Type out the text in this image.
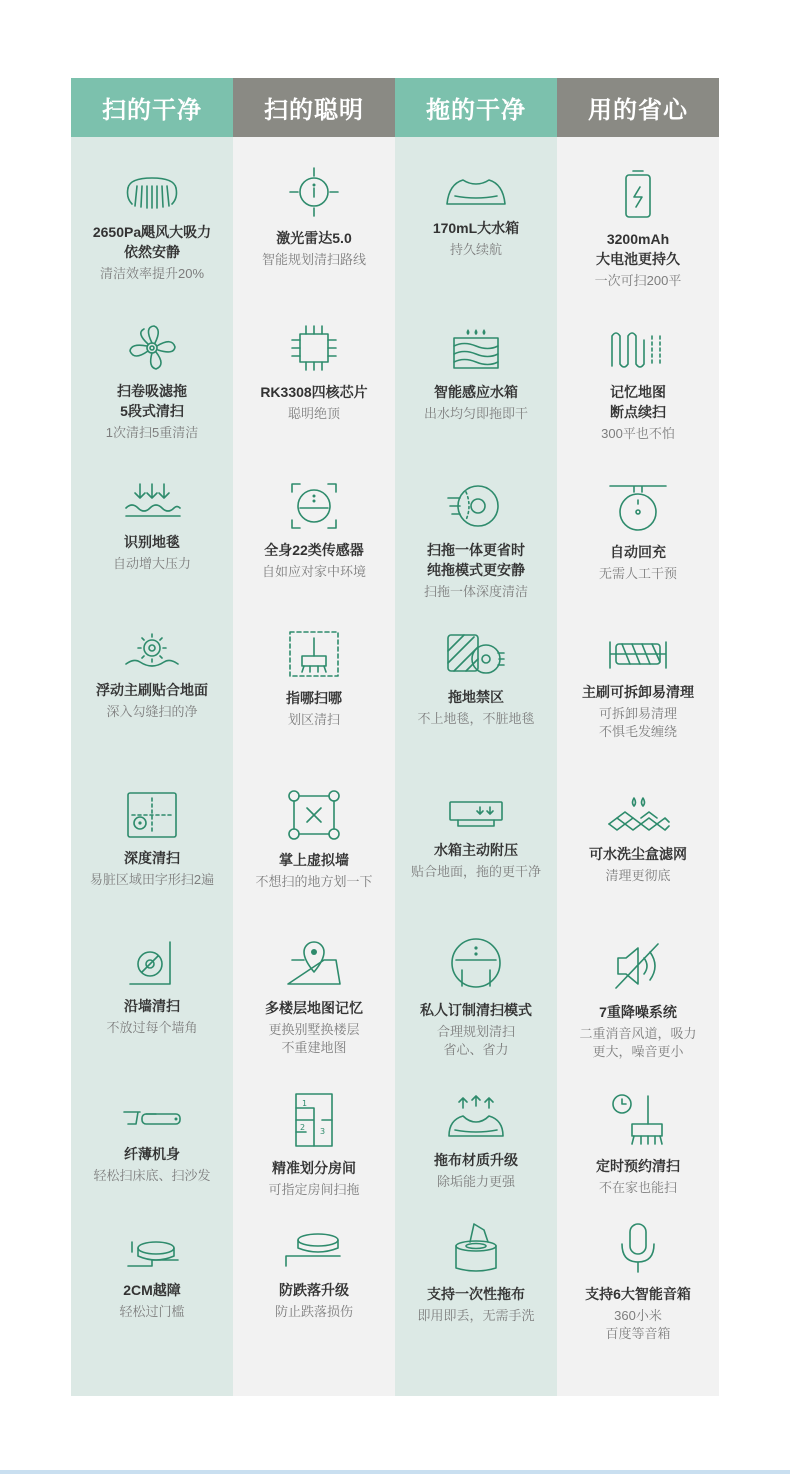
扫的干净
2650Pa飓风大吸力
依然安静
清洁效率提升20%
扫卷吸滤拖
5段式清扫
1次清扫5重清洁
识别地毯
自动增大压力
浮动主刷贴合地面
深入勾缝扫的净
深度清扫
易脏区域田字形扫2遍
沿墙清扫
不放过每个墙角
纤薄机身
轻松扫床底、扫沙发
2CM越障
轻松过门槛
扫的聪明
激光雷达5.0
智能规划清扫路线
RK3308四核芯片
聪明绝顶
全身22类传感器
自如应对家中环境
指哪扫哪
划区清扫
掌上虚拟墙
不想扫的地方划一下
多楼层地图记忆
更换别墅换楼层
不重建地图
1
2 3
精准划分房间
可指定房间扫拖
防跌落升级
防止跌落损伤
拖的干净
170mL大水箱
持久续航
智能感应水箱
出水均匀即拖即干
扫拖一体更省时
纯拖模式更安静
扫拖一体深度清洁
拖地禁区
不上地毯，不脏地毯
水箱主动附压
贴合地面，拖的更干净
私人订制清扫模式
合理规划清扫
省心、省力
拖布材质升级
除垢能力更强
支持一次性拖布
即用即丢，无需手洗
用的省心
3200mAh
大电池更持久
一次可扫200平
记忆地图
断点续扫
300平也不怕
自动回充
无需人工干预
主刷可拆卸易清理
可拆卸易清理
不惧毛发缠绕
可水洗尘盒滤网
清理更彻底
7重降噪系统
二重消音风道，吸力
更大，噪音更小
定时预约清扫
不在家也能扫
支持6大智能音箱
360小米
百度等音箱
